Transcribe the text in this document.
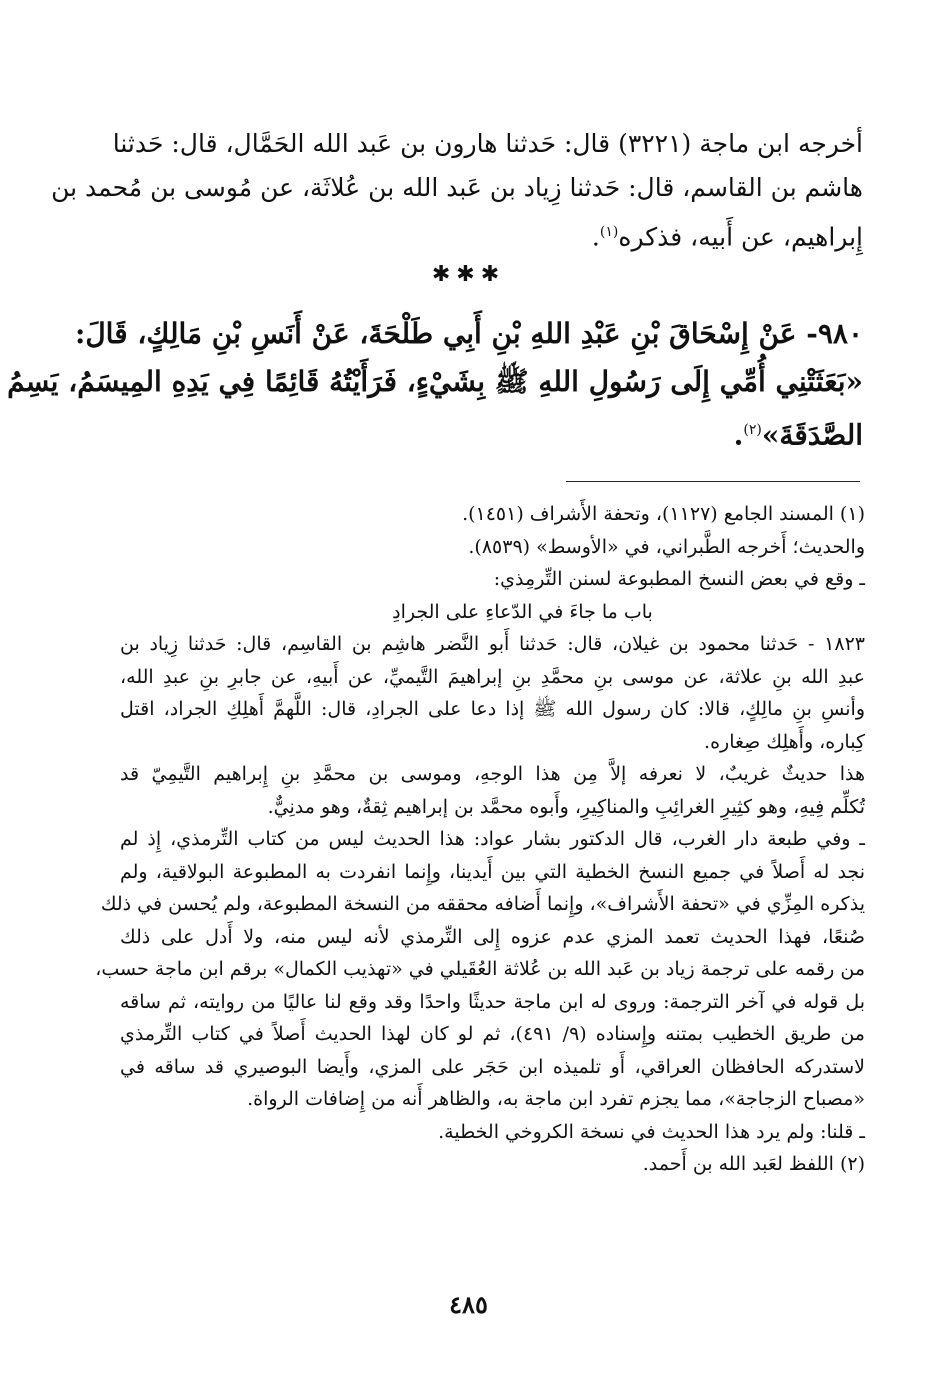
أخرجه ابن ماجة (٣٢٢١) قال: حَدثنا هارون بن عَبد الله الحَمَّال، قال: حَدثنا
هاشم بن القاسم، قال: حَدثنا زِياد بن عَبد الله بن عُلاثَة، عن مُوسى بن مُحمد بن
إِبراهيم، عن أَبيه، فذكره$^{(١)}$.
✱✱✱
٩٨٠- عَنْ إِسْحَاقَ بْنِ عَبْدِ اللهِ بْنِ أَبِي طَلْحَةَ، عَنْ أَنَسِ بْنِ مَالِكٍ، قَالَ:
«بَعَثَتْنِي أُمِّي إِلَى رَسُولِ اللهِ ﷺ بِشَيْءٍ، فَرَأَيْتُهُ قَائِمًا فِي يَدِهِ المِيسَمُ، يَسِمُ
الصَّدَقَةَ»$^{(٢)}$.
(١) المسند الجامع (١١٢٧)، وتحفة الأَشراف (١٤٥١).
والحديث؛ أَخرجه الطَّبراني، في «الأوسط» (٨٥٣٩).
ـ وقع في بعض النسخ المطبوعة لسنن التِّرمِذي:
باب ما جاءَ في الدّعاءِ على الجرادِ
١٨٢٣ - حَدثنا محمود بن غيلان، قال: حَدثنا أَبو النَّضر هاشِم بن القاسِم، قال: حَدثنا زِياد بن
عبدِ الله بنِ علاثة، عن موسى بنِ محمَّدِ بنِ إبراهيمَ التَّيميِّ، عن أَبيهِ، عن جابرِ بنِ عبدِ الله،
وأنسِ بنِ مالِكٍ، قالا: كان رسول الله ﷺ إذا دعا على الجرادِ، قال: اللَّهمَّ أَهلِكِ الجراد، اقتل
كِباره، وأَهلِك صِغاره.
هذا حديثٌ غريبٌ، لا نعرفه إلاَّ مِن هذا الوجهِ، وموسى بن محمَّدِ بنِ إِبراهيم التَّيمِيّ قد
تُكلِّم فِيهِ، وهو كثِيرِ الغرائِبِ والمناكِيرِ، وأَبوه محمَّد بن إبراهيم ثِقةٌ، وهو مدنِيٌّ.
ـ وفي طبعة دار الغرب، قال الدكتور بشار عواد: هذا الحديث ليس من كتاب التِّرمذي، إِذ لم
نجد له أَصلاً في جميع النسخ الخطية التي بين أَيدينا، وإِنما انفردت به المطبوعة البولاقية، ولم
يذكره المِزِّي في «تحفة الأَشراف»، وإِنما أَضافه محققه من النسخة المطبوعة، ولم يُحسن في ذلك
صُنعًا، فهذا الحديث تعمد المزي عدم عزوه إِلى التِّرمذي لأنه ليس منه، ولا أَدل على ذلك
من رقمه على ترجمة زياد بن عَبد الله بن عُلاثة العُقَيلي في «تهذيب الكمال» برقم ابن ماجة حسب،
بل قوله في آخر الترجمة: وروى له ابن ماجة حديثًا واحدًا وقد وقع لنا عاليًا من روايته، ثم ساقه
من طريق الخطيب بمتنه وإِسناده (٩/ ٤٩١)، ثم لو كان لهذا الحديث أَصلاً في كتاب التِّرمذي
لاستدركه الحافظان العراقي، أَو تلميذه ابن حَجَر على المزي، وأَيضا البوصيري قد ساقه في
«مصباح الزجاجة»، مما يجزم تفرد ابن ماجة به، والظاهر أَنه من إِضافات الرواة.
ـ قلنا: ولم يرد هذا الحديث في نسخة الكروخي الخطية.
(٢) اللفظ لعَبد الله بن أَحمد.
٤٨٥
